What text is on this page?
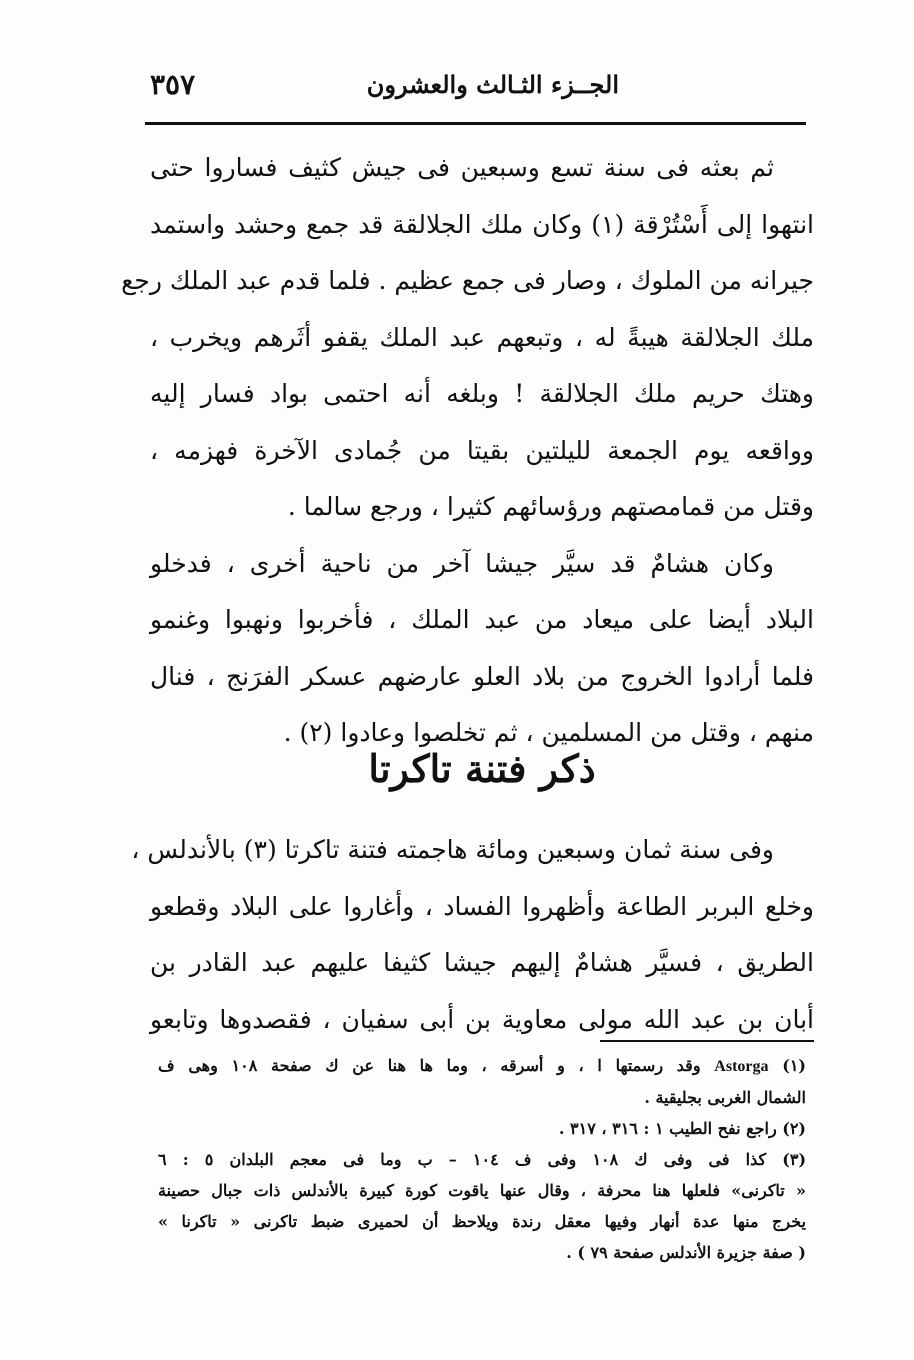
٣٥٧	الجــزء الثـالث والعشرون
ثم بعثه فى سنة تسع وسبعين فى جيش كثيف فساروا حتى
انتهوا إلى أَسْتُرْقة (١) وكان ملك الجلالقة قد جمع وحشد واستمد
جيرانه من الملوك ، وصار فى جمع عظيم . فلما قدم عبد الملك رجع
ملك الجلالقة هيبةً له ، وتبعهم عبد الملك يقفو أثَرهم ويخرب ،
وهتك حريم ملك الجلالقة ! وبلغه أنه احتمى بواد فسار إليه
وواقعه يوم الجمعة لليلتين بقيتا من جُمادى الآخرة فهزمه ،
وقتل من قمامصتهم ورؤسائهم كثيرا ، ورجع سالما .
وكان هشامٌ قد سيَّر جيشا آخر من ناحية أخرى ، فدخلو
البلاد أيضا على ميعاد من عبد الملك ، فأخربوا ونهبوا وغنمو
فلما أرادوا الخروج من بلاد العلو عارضهم عسكر الفرَنج ، فنال
منهم ، وقتل من المسلمين ، ثم تخلصوا وعادوا (٢) .
ذكر فتنة تاكرتا
وفى سنة ثمان وسبعين ومائة هاجمته فتنة تاكرتا (٣) بالأندلس ،
وخلع البربر الطاعة وأظهروا الفساد ، وأغاروا على البلاد وقطعو
الطريق ، فسيَّر هشامٌ إليهم جيشا كثيفا عليهم عبد القادر بن
أبان بن عبد الله مولى معاوية بن أبى سفيان ، فقصدوها وتابعو
(١) Astorga وقد رسمتها ا ، و أسرقه ، وما ها هنا عن ك صفحة ١٠٨ وهى ف
الشمال الغربى بجليقية .
(٢) راجع نفح الطيب ١ : ٣١٦ ، ٣١٧ .
(٣) كذا فى وفى ك ١٠٨ وفى ف ١٠٤ – ب وما فى معجم البلدان ٥ : ٦
« تاكرنى» فلعلها هنا محرفة ، وقال عنها ياقوت كورة كبيرة بالأندلس ذات جبال حصينة
يخرج منها عدة أنهار وفيها معقل رندة ويلاحظ أن لحميرى ضبط تاكرنى « تاكرنا »
( صفة جزيرة الأندلس صفحة ٧٩ ) .
